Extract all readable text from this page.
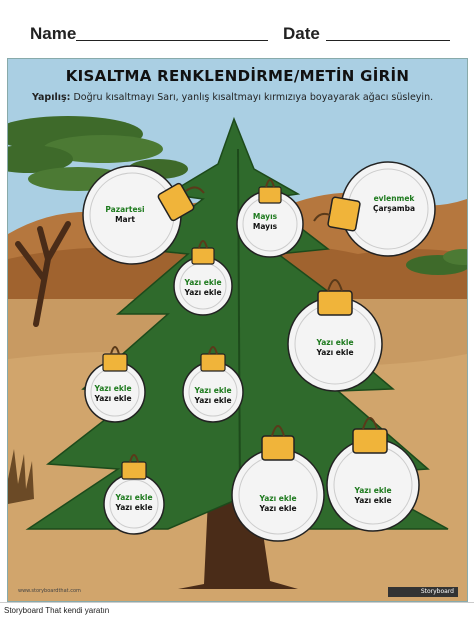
Name	Date
KISALTMA RENKLENDİRME/METİN GİRİN
Yapılış: Doğru kısaltmayı Sarı, yanlış kısaltmayı kırmızıya boyayarak ağacı süsleyin.
Pazartesi
Mart	Mayıs
Mayıs
evlenmek
Çarşamba
Yazı ekle
Yazı ekle
Yazı ekle
Yazı ekle
Yazı ekle
Yazı ekle
Yazı ekle
Yazı ekle
Yazı ekle
Yazı ekle
Yazı ekle
Yazı ekle
Yazı ekle
Yazı ekle
www.storyboardthat.com	Storyboard
Storyboard That kendi yaratın
